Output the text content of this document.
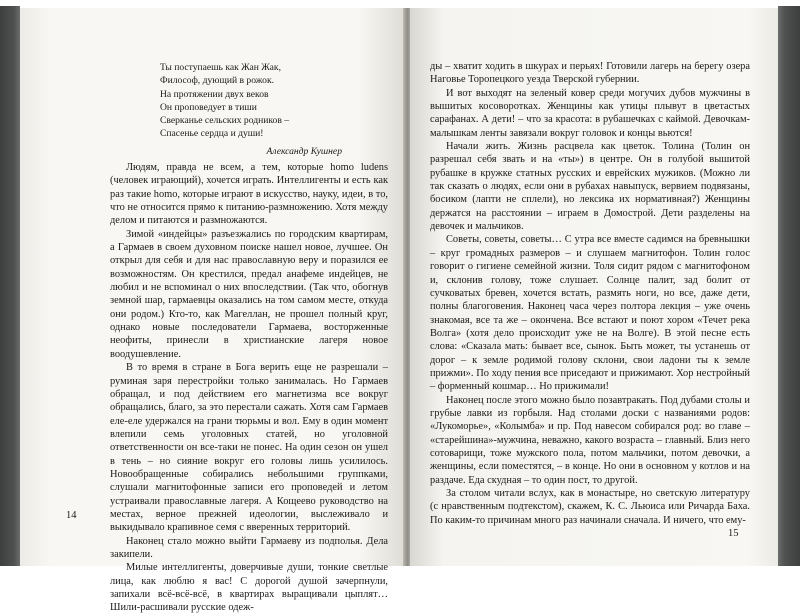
Ты поступаешь как Жан Жак,
Философ, дующий в рожок.
На протяжении двух веков
Он проповедует в тиши
Сверканье сельских родников –
Спасенье сердца и души!
Александр Кушнер

Людям, правда не всем, а тем, которые homo ludens (человек играющий), хочется играть. Интеллигенты и есть как раз такие homo, которые играют в искусство, науку, идеи, в то, что не относится прямо к питанию-размножению. Хотя между делом и питаются и размножаются.

Зимой «индейцы» разъезжались по городским квартирам, а Гармаев в своем духовном поиске нашел новое, лучшее. Он открыл для себя и для нас православную веру и поразился ее возможностям. Он крестился, предал анафеме индейцев, не любил и не вспоминал о них впоследствии. (Так что, обогнув земной шар, гармаевцы оказались на том самом месте, откуда они родом.) Кто-то, как Магеллан, не прошел полный круг, однако новые последователи Гармаева, восторженные неофиты, принесли в христианские лагеря новое воодушевление.

В то время в стране в Бога верить еще не разрешали – руминая заря перестройки только занималась. Но Гармаев обращал, и под действием его магнетизма все вокруг обращались, благо, за это перестали сажать. Хотя сам Гармаев еле-еле удержался на грани тюрьмы и вол. Ему в один момент влепили семь уголовных статей, но уголовной ответственности он все-таки не понес. На один сезон он ушел в тень – но сияние вокруг его головы лишь усилилось. Новообращенные собирались небольшими группками, слушали магнитофонные записи его проповедей и летом устраивали православные лагеря. А Кощеево руководство на местах, верное прежней идеологии, выслеживало и выкидывало крапивное семя с вверенных территорий.

Наконец стало можно выйти Гармаеву из подполья. Дела закипели.

Милые интеллигенты, доверчивые души, тонкие светлые лица, как люблю я вас! С дорогой душой зачерпнули, запихали всё-всё-всё, в квартирах выращивали цыплят… Шили-расшивали русские одеж-

14

ды – хватит ходить в шкурах и перьях! Готовили лагерь на берегу озера Наговье Торопецкого уезда Тверской губернии.

И вот выходят на зеленый ковер среди могучих дубов мужчины в вышитых косоворотках. Женщины как утицы плывут в цветастых сарафанах. А дети! – что за красота: в рубашечках с каймой. Девочкам-малышкам ленты завязали вокруг головок и концы вьются!

Начали жить. Жизнь расцвела как цветок. Толина (Толин он разрешал себя звать и на «ты») в центре. Он в голубой вышитой рубашке в кружке статных русских и еврейских мужиков. (Можно ли так сказать о людях, если они в рубахах навыпуск, вервием подвязаны, босиком (лапти не сплели), но лексика их нормативная?) Женщины держатся на расстоянии – играем в Домострой. Дети разделены на девочек и мальчиков.

Советы, советы, советы… С утра все вместе садимся на бревнышки – круг громадных размеров – и слушаем магнитофон. Толин голос говорит о гигиене семейной жизни. Толя сидит рядом с магнитофоном и, склонив голову, тоже слушает. Солнце палит, зад болит от сучковатых бревен, хочется встать, размять ноги, но все, даже дети, полны благоговения. Наконец часа через полтора лекция – уже очень знакомая, все та же – окончена. Все встают и поют хором «Течет река Волга» (хотя дело происходит уже не на Волге). В этой песне есть слова: «Сказала мать: бывает все, сынок. Быть может, ты устанешь от дорог – к земле родимой голову склони, свои ладони ты к земле прижми». По ходу пения все приседают и прижимают. Хор нестройный – форменный кошмар… Но прижимали!

Наконец после этого можно было позавтракать. Под дубами столы и грубые лавки из горбыля. Над столами доски с названиями родов: «Лукоморье», «Колымба» и пр. Под навесом собирался род: во главе – «старейшина»-мужчина, неважно, какого возраста – главный. Близ него сотоварищи, тоже мужского пола, потом мальчики, потом девочки, а женщины, если поместятся, – в конце. Но они в основном у котлов и на раздаче. Еда скудная – то один пост, то другой.

За столом читали вслух, как в монастыре, но светскую литературу (с нравственным подтекстом), скажем, К. С. Льюиса или Ричарда Баха. По каким-то причинам много раз начинали сначала. И ничего, что ему-

15
